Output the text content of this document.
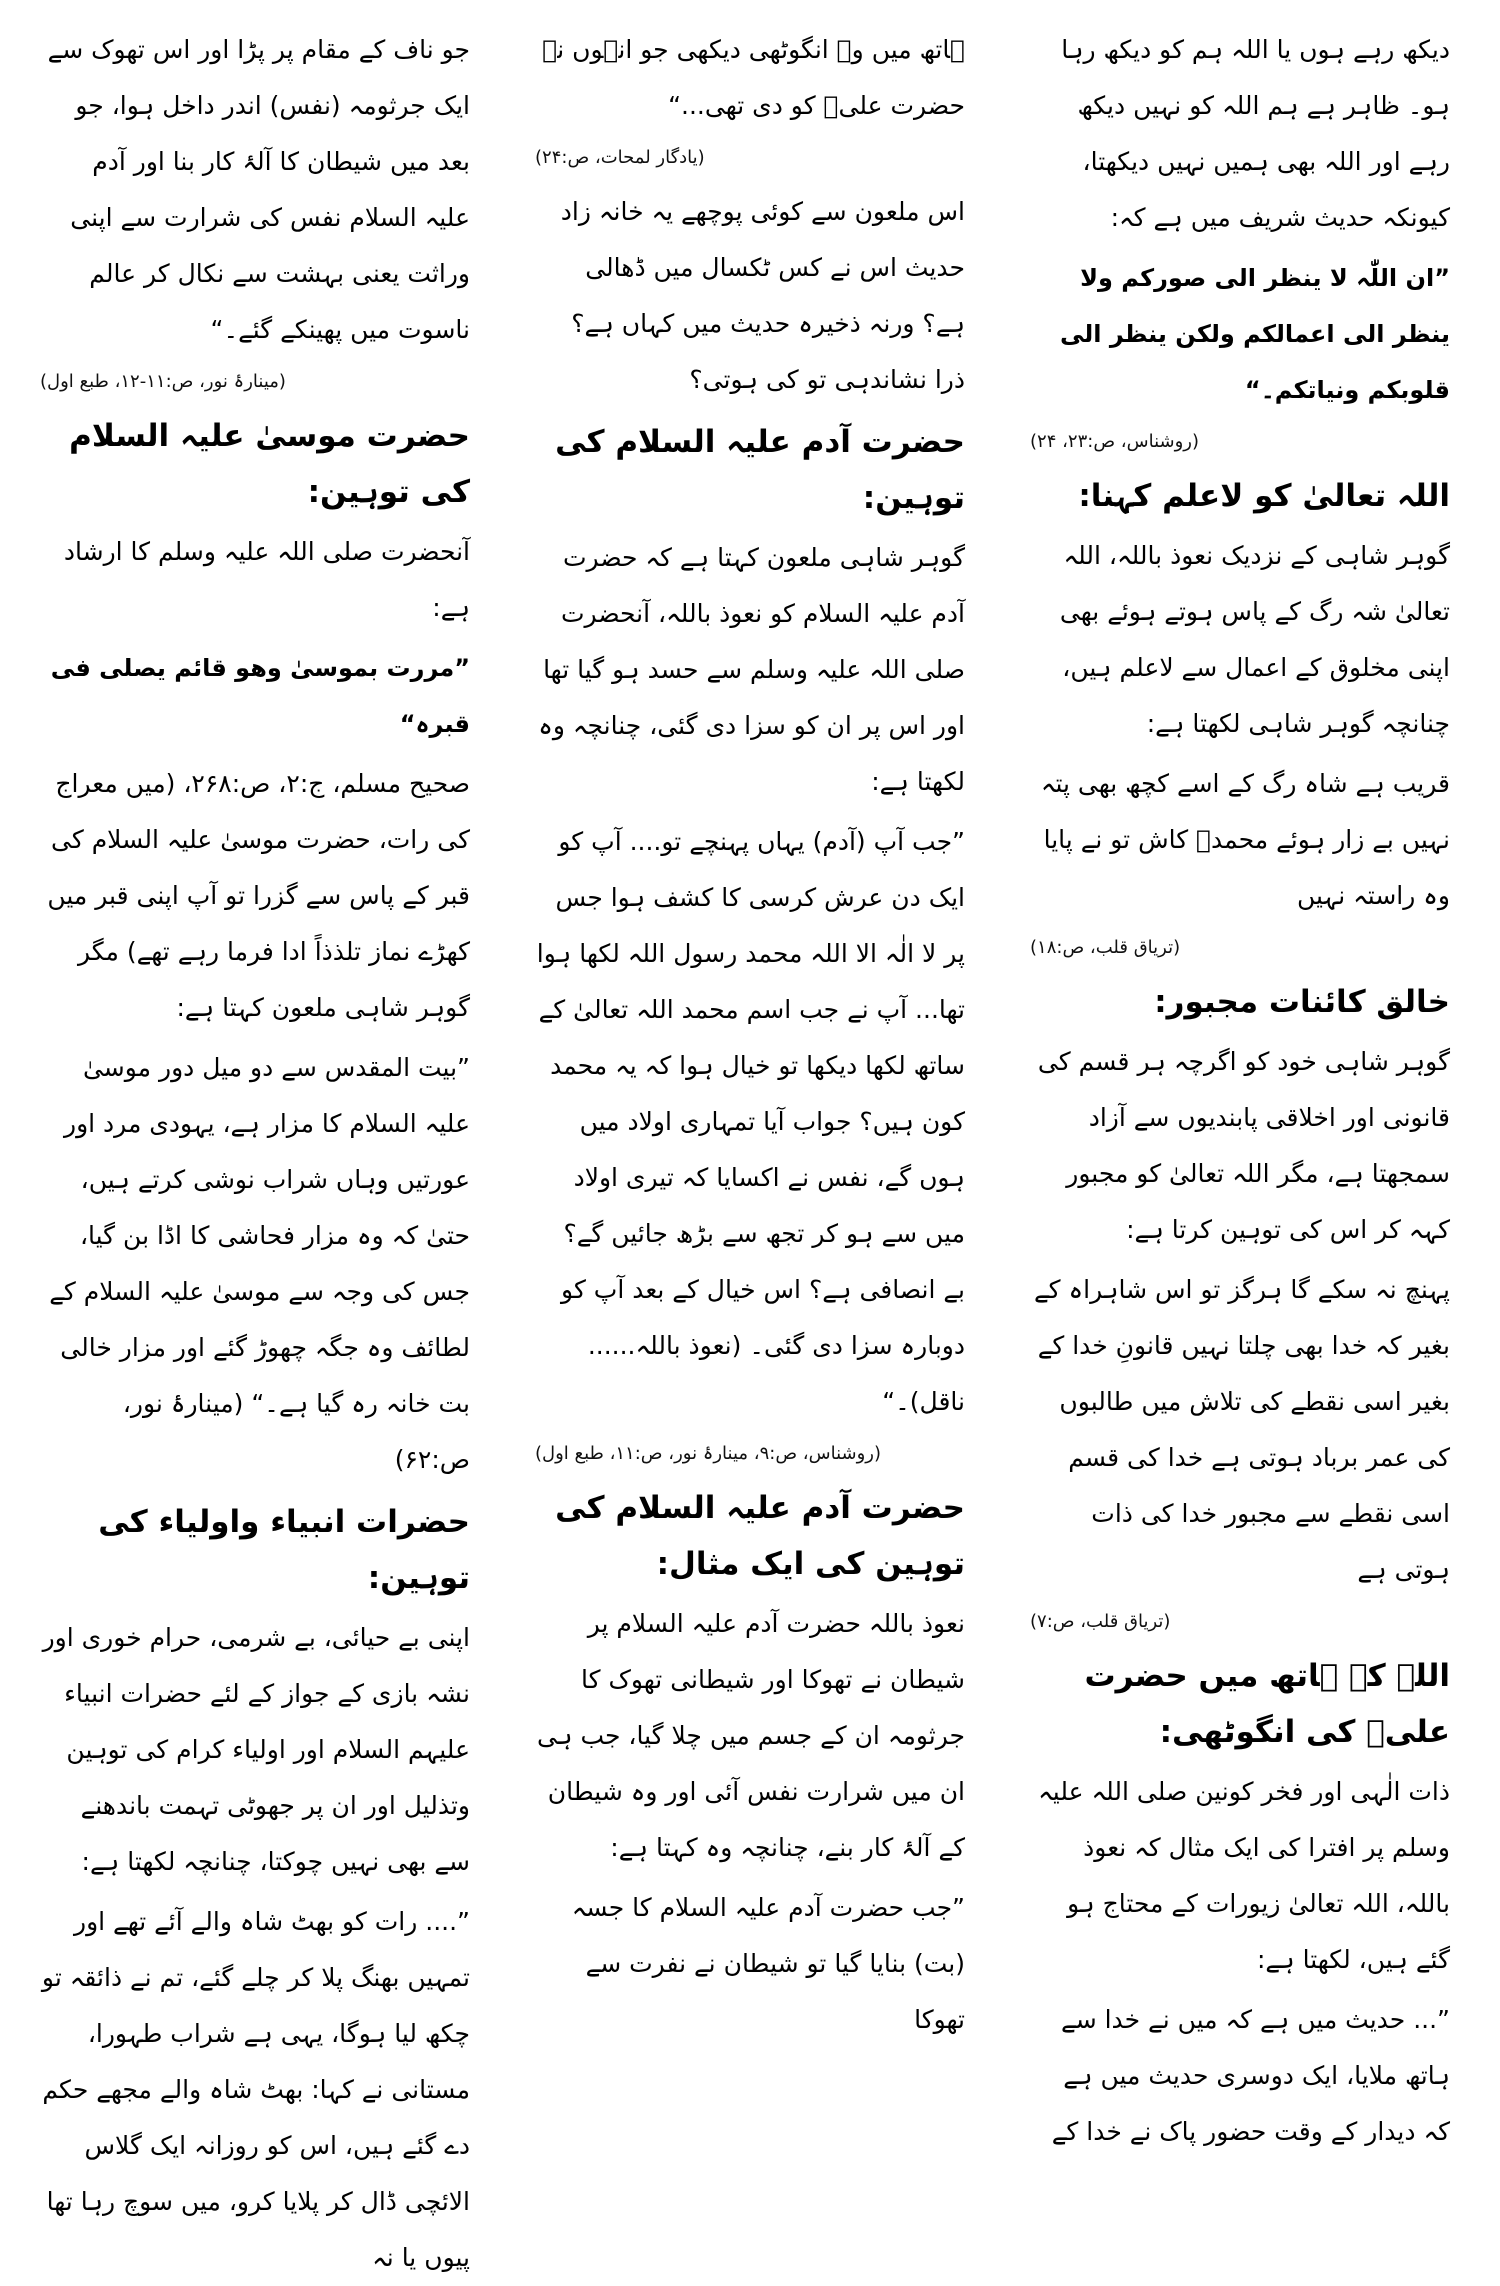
دیکھ رہے ہوں یا اللہ ہم کو دیکھ رہا ہو۔ ظاہر ہے ہم اللہ کو نہیں دیکھ رہے اور اللہ بھی ہمیں نہیں دیکھتا، کیونکہ حدیث شریف میں ہے کہ:

”ان اللّٰہ لا ینظر الی صورکم ولا ینظر الی اعمالکم ولکن ینظر الی قلوبکم ونیاتکم۔“

(روشناس، ص:۲۳، ۲۴)

اللہ تعالیٰ کو لاعلم کہنا:

گوہر شاہی کے نزدیک نعوذ باللہ، اللہ تعالیٰ شہ رگ کے پاس ہوتے ہوئے بھی اپنی مخلوق کے اعمال سے لاعلم ہیں، چنانچہ گوہر شاہی لکھتا ہے:

قریب ہے شاہ رگ کے اسے کچھ بھی پتہ نہیں بے زار ہوئے محمدؐ کاش تو نے پایا وہ راستہ نہیں

(تریاق قلب، ص:۱۸)

خالق کائنات مجبور:

گوہر شاہی خود کو اگرچہ ہر قسم کی قانونی اور اخلاقی پابندیوں سے آزاد سمجھتا ہے، مگر اللہ تعالیٰ کو مجبور کہہ کر اس کی توہین کرتا ہے:

پہنچ نہ سکے گا ہرگز تو اس شاہراہ کے بغیر کہ خدا بھی چلتا نہیں قانونِ خدا کے بغیر اسی نقطے کی تلاش میں طالبوں کی عمر برباد ہوتی ہے خدا کی قسم اسی نقطے سے مجبور خدا کی ذات ہوتی ہے

(تریاق قلب، ص:۷)

اللہ کے ہاتھ میں حضرت علیؓ کی انگوٹھی:

ذات الٰہی اور فخر کونین صلی اللہ علیہ وسلم پر افترا کی ایک مثال کہ نعوذ باللہ، اللہ تعالیٰ زیورات کے محتاج ہو گئے ہیں، لکھتا ہے:

”... حدیث میں ہے کہ میں نے خدا سے ہاتھ ملایا، ایک دوسری حدیث میں ہے کہ دیدار کے وقت حضور پاک نے خدا کے

ہاتھ میں وہ انگوٹھی دیکھی جو انہوں نے حضرت علیؓ کو دی تھی...“

(یادگار لمحات، ص:۲۴)

اس ملعون سے کوئی پوچھے یہ خانہ زاد حدیث اس نے کس ٹکسال میں ڈھالی ہے؟ ورنہ ذخیرہ حدیث میں کہاں ہے؟ ذرا نشاندہی تو کی ہوتی؟

حضرت آدم علیہ السلام کی توہین:

گوہر شاہی ملعون کہتا ہے کہ حضرت آدم علیہ السلام کو نعوذ باللہ، آنحضرت صلی اللہ علیہ وسلم سے حسد ہو گیا تھا اور اس پر ان کو سزا دی گئی، چنانچہ وہ لکھتا ہے:

”جب آپ (آدم) یہاں پہنچے تو.... آپ کو ایک دن عرش کرسی کا کشف ہوا جس پر لا الٰہ الا اللہ محمد رسول اللہ لکھا ہوا تھا... آپ نے جب اسم محمد اللہ تعالیٰ کے ساتھ لکھا دیکھا تو خیال ہوا کہ یہ محمد کون ہیں؟ جواب آیا تمہاری اولاد میں ہوں گے، نفس نے اکسایا کہ تیری اولاد میں سے ہو کر تجھ سے بڑھ جائیں گے؟ بے انصافی ہے؟ اس خیال کے بعد آپ کو دوبارہ سزا دی گئی۔ (نعوذ باللہ...... ناقل)۔“

(روشناس، ص:۹، مینارۂ نور، ص:۱۱، طبع اول)

حضرت آدم علیہ السلام کی توہین کی ایک مثال:

نعوذ باللہ حضرت آدم علیہ السلام پر شیطان نے تھوکا اور شیطانی تھوک کا جرثومہ ان کے جسم میں چلا گیا، جب ہی ان میں شرارت نفس آئی اور وہ شیطان کے آلۂ کار بنے، چنانچہ وہ کہتا ہے:

”جب حضرت آدم علیہ السلام کا جسہ (بت) بنایا گیا تو شیطان نے نفرت سے تھوکا

جو ناف کے مقام پر پڑا اور اس تھوک سے ایک جرثومہ (نفس) اندر داخل ہوا، جو بعد میں شیطان کا آلۂ کار بنا اور آدم علیہ السلام نفس کی شرارت سے اپنی وراثت یعنی بہشت سے نکال کر عالم ناسوت میں پھینکے گئے۔“

(مینارۂ نور، ص:۱۱-۱۲، طبع اول)

حضرت موسیٰ علیہ السلام کی توہین:

آنحضرت صلی اللہ علیہ وسلم کا ارشاد ہے:

”مررت بموسیٰ وھو قائم یصلی فی قبرہ“

صحیح مسلم، ج:۲، ص:۲۶۸، (میں معراج کی رات، حضرت موسیٰ علیہ السلام کی قبر کے پاس سے گزرا تو آپ اپنی قبر میں کھڑے نماز تلذذاً ادا فرما رہے تھے) مگر گوہر شاہی ملعون کہتا ہے:

”بیت المقدس سے دو میل دور موسیٰ علیہ السلام کا مزار ہے، یہودی مرد اور عورتیں وہاں شراب نوشی کرتے ہیں، حتیٰ کہ وہ مزار فحاشی کا اڈا بن گیا، جس کی وجہ سے موسیٰ علیہ السلام کے لطائف وہ جگہ چھوڑ گئے اور مزار خالی بت خانہ رہ گیا ہے۔“ (مینارۂ نور، ص:۶۲)

حضرات انبیاء واولیاء کی توہین:

اپنی بے حیائی، بے شرمی، حرام خوری اور نشہ بازی کے جواز کے لئے حضرات انبیاء علیہم السلام اور اولیاء کرام کی توہین وتذلیل اور ان پر جھوٹی تہمت باندھنے سے بھی نہیں چوکتا، چنانچہ لکھتا ہے:

”.... رات کو بھٹ شاہ والے آئے تھے اور تمہیں بھنگ پلا کر چلے گئے، تم نے ذائقہ تو چکھ لیا ہوگا، یہی ہے شراب طہورا، مستانی نے کہا: بھٹ شاہ والے مجھے حکم دے گئے ہیں، اس کو روزانہ ایک گلاس الائچی ڈال کر پلایا کرو، میں سوچ رہا تھا پیوں یا نہ
